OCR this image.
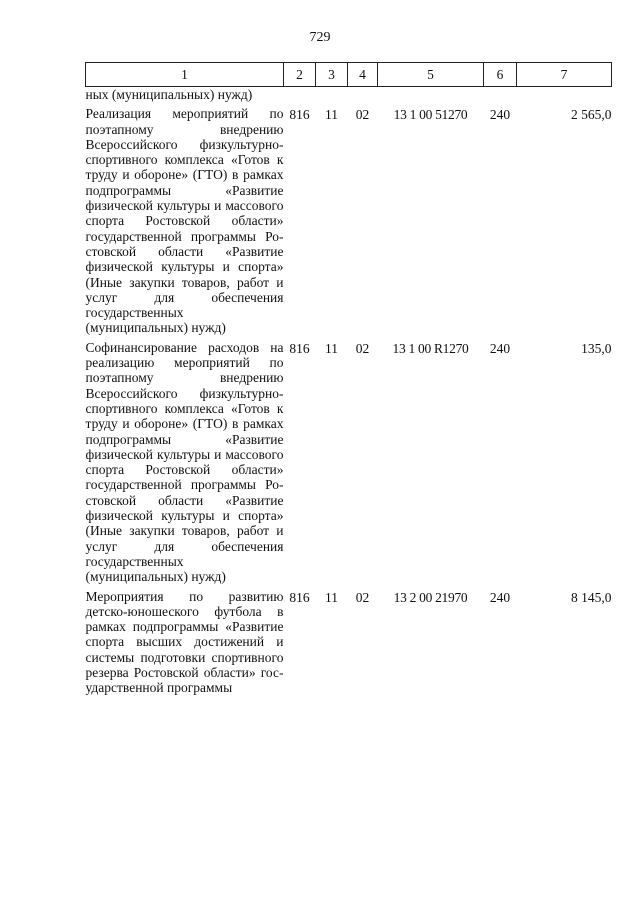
729
1	2	3	4	5	6	7
ных (муниципальных) нужд)						
Реализация мероприятий по поэтапному внедрению Всероссийского физкультурно-спортивного комплекса «Готов к труду и обороне» (ГТО) в рамках подпрограммы «Развитие физической культуры и массового спорта Ростовской области» государственной программы Ростовской области «Развитие физической культуры и спорта» (Иные закупки товаров, работ и услуг для обеспечения государственных (муниципальных) нужд)	816	11	02	13 1 00 51270	240	2 565,0
Софинансирование расходов на реализацию мероприятий по поэтапному внедрению Всероссийского физкультурно-спортивного комплекса «Готов к труду и обороне» (ГТО) в рамках подпрограммы «Развитие физической культуры и массового спорта Ростовской области» государственной программы Ростовской области «Развитие физической культуры и спорта» (Иные закупки товаров, работ и услуг для обеспечения государственных (муниципальных) нужд)	816	11	02	13 1 00 R1270	240	135,0
Мероприятия по развитию детско-юношеского футбола в рамках подпрограммы «Развитие спорта высших достижений и системы подготовки спортивного резерва Ростовской области» государственной программы	816	11	02	13 2 00 21970	240	8 145,0
